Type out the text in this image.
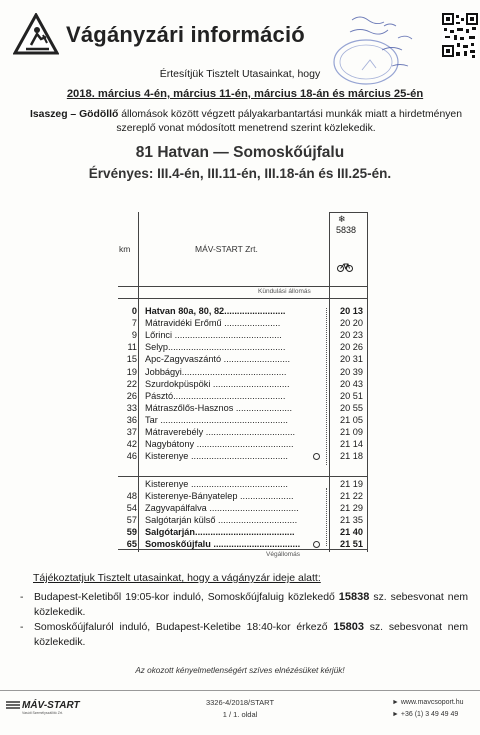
Vágányzári információ
Értesítjük Tisztelt Utasainkat, hogy
2018. március 4-én, március 11-én, március 18-án és március 25-én
Isaszeg – Gödöllő állomások között végzett pályakarbantartási munkák miatt a hirdetményen szereplő vonat módosított menetrend szerint közlekedik.
81 Hatvan — Somoskőújfalu
Érvényes: III.4-én, III.11-én, III.18-án és III.25-én.
❄
5838
km	MÁV-START Zrt.
Kündulási állomás
0 Hatvan 80a, 80, 82........................	20 13
7 Mátravidéki Erőmű ......................	20 20
9 Lőrinci ..........................................	20 23
11 Selyp..............................................	20 26
15 Apc-Zagyvaszántó ..........................	20 31
19 Jobbágyi.........................................	20 39
22 Szurdokpüspöki ..............................	20 43
26 Pásztó............................................	20 51
33 Mátraszőlős-Hasznos ......................	20 55
36 Tar ..................................................	21 05
37 Mátraverebély ...................................	21 09
42 Nagybátony ......................................	21 14
46 Kisterenye ......................................	21 18
Kisterenye ......................................	21 19
48 Kisterenye-Bányatelep .....................	21 22
54 Zagyvapálfalva ...................................	21 29
57 Salgótarján külső ...............................	21 35
59 Salgótarján.......................................	21 40
65 Somoskőújfalu ..................................	21 51
Végállomás
Tájékoztatjuk Tisztelt utasainkat, hogy a vágányzár ideje alatt:
- Budapest-Keletiből 19:05-kor induló, Somoskőújfaluig közlekedő 15838 sz. sebesvonat nem közlekedik.
- Somoskőújfaluról induló, Budapest-Keletibe 18:40-kor érkező 15803 sz. sebesvonat nem közlekedik.
Az okozott kényelmetlenségért szíves elnézésüket kérjük!
MÁV-START
Vasúti Személyszállító Zrt.
3326-4/2018/START
1 / 1. oldal
► www.mavcsoport.hu
► +36 (1) 3 49 49 49
